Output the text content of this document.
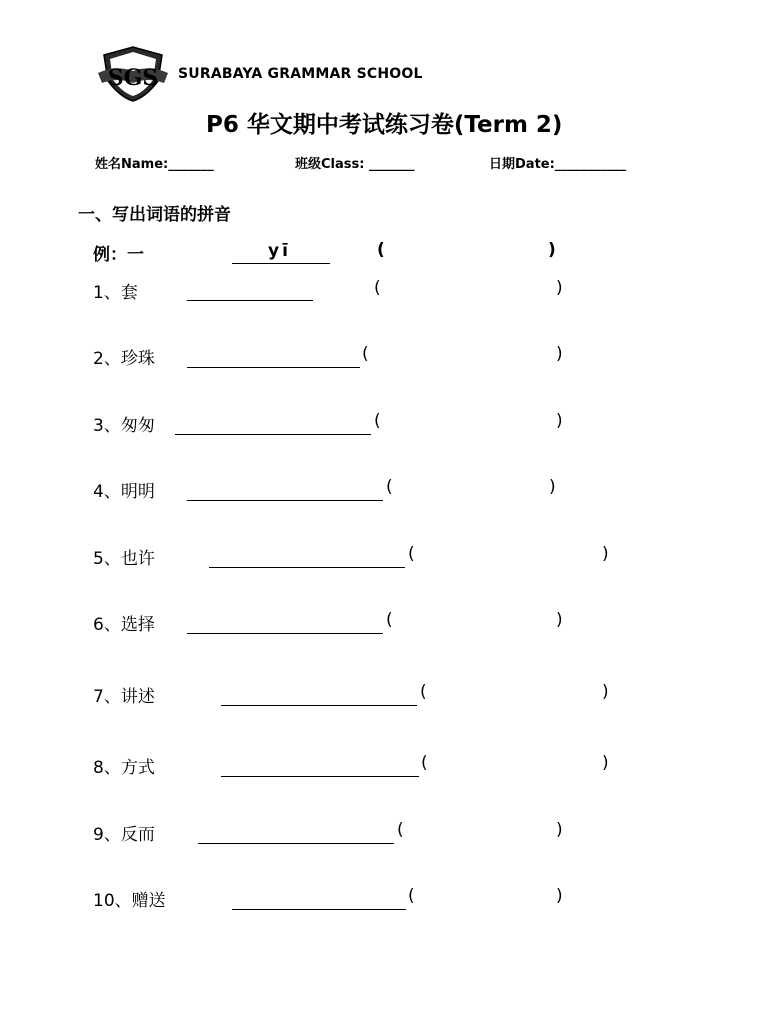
SGS SURABAYA GRAMMAR SCHOOL
P6 华文期中考试练习卷(Term 2)
姓名Name:_______	班级Class: _______	日期Date:___________
一、写出词语的拼音
例：一	yī	(	)
1、套	(	)
2、珍珠	(	)
3、匆匆	(	)
4、明明	(	)
5、也许	(	)
6、选择	(	)
7、讲述	(	)
8、方式	(	)
9、反而	(	)
10、赠送	(	)
